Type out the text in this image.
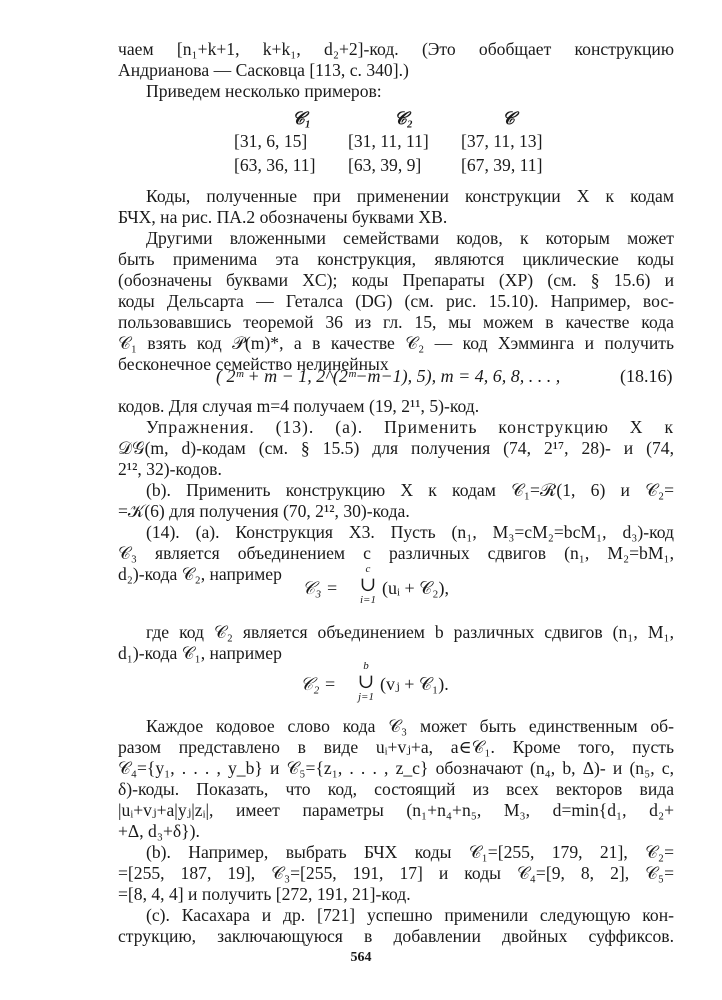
чаем [n₁+k+1, k+k₁, d₂+2]-код. (Это обобщает конструкцию
Андрианова — Сасковца [113, с. 340].)
Приведем несколько примеров:
𝒞₁	𝒞₂	𝒞
[31, 6, 15] [31, 11, 11] [37, 11, 13]
[63, 36, 11] [63, 39, 9] [67, 39, 11]
Коды, полученные при применении конструкции X к кодам
БЧХ, на рис. ПА.2 обозначены буквами XB.
Другими вложенными семействами кодов, к которым может
быть применима эта конструкция, являются циклические коды
(обозначены буквами XC); коды Препараты (XP) (см. § 15.6) и
коды Дельсарта — Геталса (DG) (см. рис. 15.10). Например, вос-
пользовавшись теоремой 36 из гл. 15, мы можем в качестве кода
𝒞₁ взять код 𝒫(m)*, а в качестве 𝒞₂ — код Хэмминга и получить
бесконечное семейство нелинейных
( 2ᵐ + m − 1, 2^(2ᵐ−m−1), 5), m = 4, 6, 8, . . . ,	(18.16)
кодов. Для случая m=4 получаем (19, 2¹¹, 5)-код.
Упражнения. (13). (a). Применить конструкцию X к
𝒟𝒢(m, d)-кодам (см. § 15.5) для получения (74, 2¹⁷, 28)- и (74,
2¹², 32)-кодов.
(b). Применить конструкцию X к кодам 𝒞₁=ℛ(1, 6) и 𝒞₂=
=𝒦(6) для получения (70, 2¹², 30)-кода.
(14). (a). Конструкция X3. Пусть (n₁, M₃=cM₂=bcM₁, d₃)-код
𝒞₃ является объединением c различных сдвигов (n₁, M₂=bM₁,
d₂)-кода 𝒞₂, например
𝒞₃ =
c
∪
i=1
(uᵢ + 𝒞₂),
где код 𝒞₂ является объединением b различных сдвигов (n₁, M₁,
d₁)-кода 𝒞₁, например
𝒞₂ =
b
∪
j=1
(vⱼ + 𝒞₁).
Каждое кодовое слово кода 𝒞₃ может быть единственным об-
разом представлено в виде uᵢ+vⱼ+a, a∈𝒞₁. Кроме того, пусть
𝒞₄={y₁, . . . , y_b} и 𝒞₅={z₁, . . . , z_c} обозначают (n₄, b, Δ)- и (n₅, c,
δ)-коды. Показать, что код, состоящий из всех векторов вида
|uᵢ+vⱼ+a|yⱼ|zᵢ|, имеет параметры (n₁+n₄+n₅, M₃, d=min{d₁, d₂+
+Δ, d₃+δ}).
(b). Например, выбрать БЧХ коды 𝒞₁=[255, 179, 21], 𝒞₂=
=[255, 187, 19], 𝒞₃=[255, 191, 17] и коды 𝒞₄=[9, 8, 2], 𝒞₅=
=[8, 4, 4] и получить [272, 191, 21]-код.
(c). Касахара и др. [721] успешно применили следующую кон-
струкцию, заключающуюся в добавлении двойных суффиксов.
564
